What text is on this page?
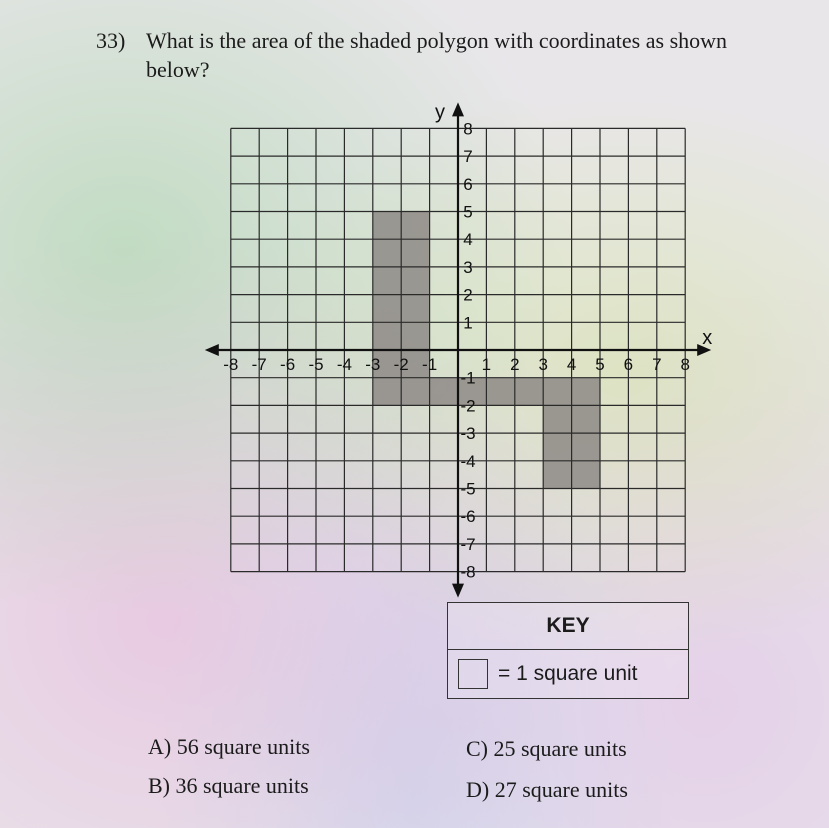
33) What is the area of the shaded polygon with coordinates as shown below?
x
y
-8 -7 -6 -5 -4 -3 -2 -1	1 2 3 4 5 6 7 8
8
7
6
5
4
3
2
1
-1
-2
-3
-4
-5
-6
-7
-8
KEY
= 1 square unit
A) 56 square units
B) 36 square units
C) 25 square units
D) 27 square units
